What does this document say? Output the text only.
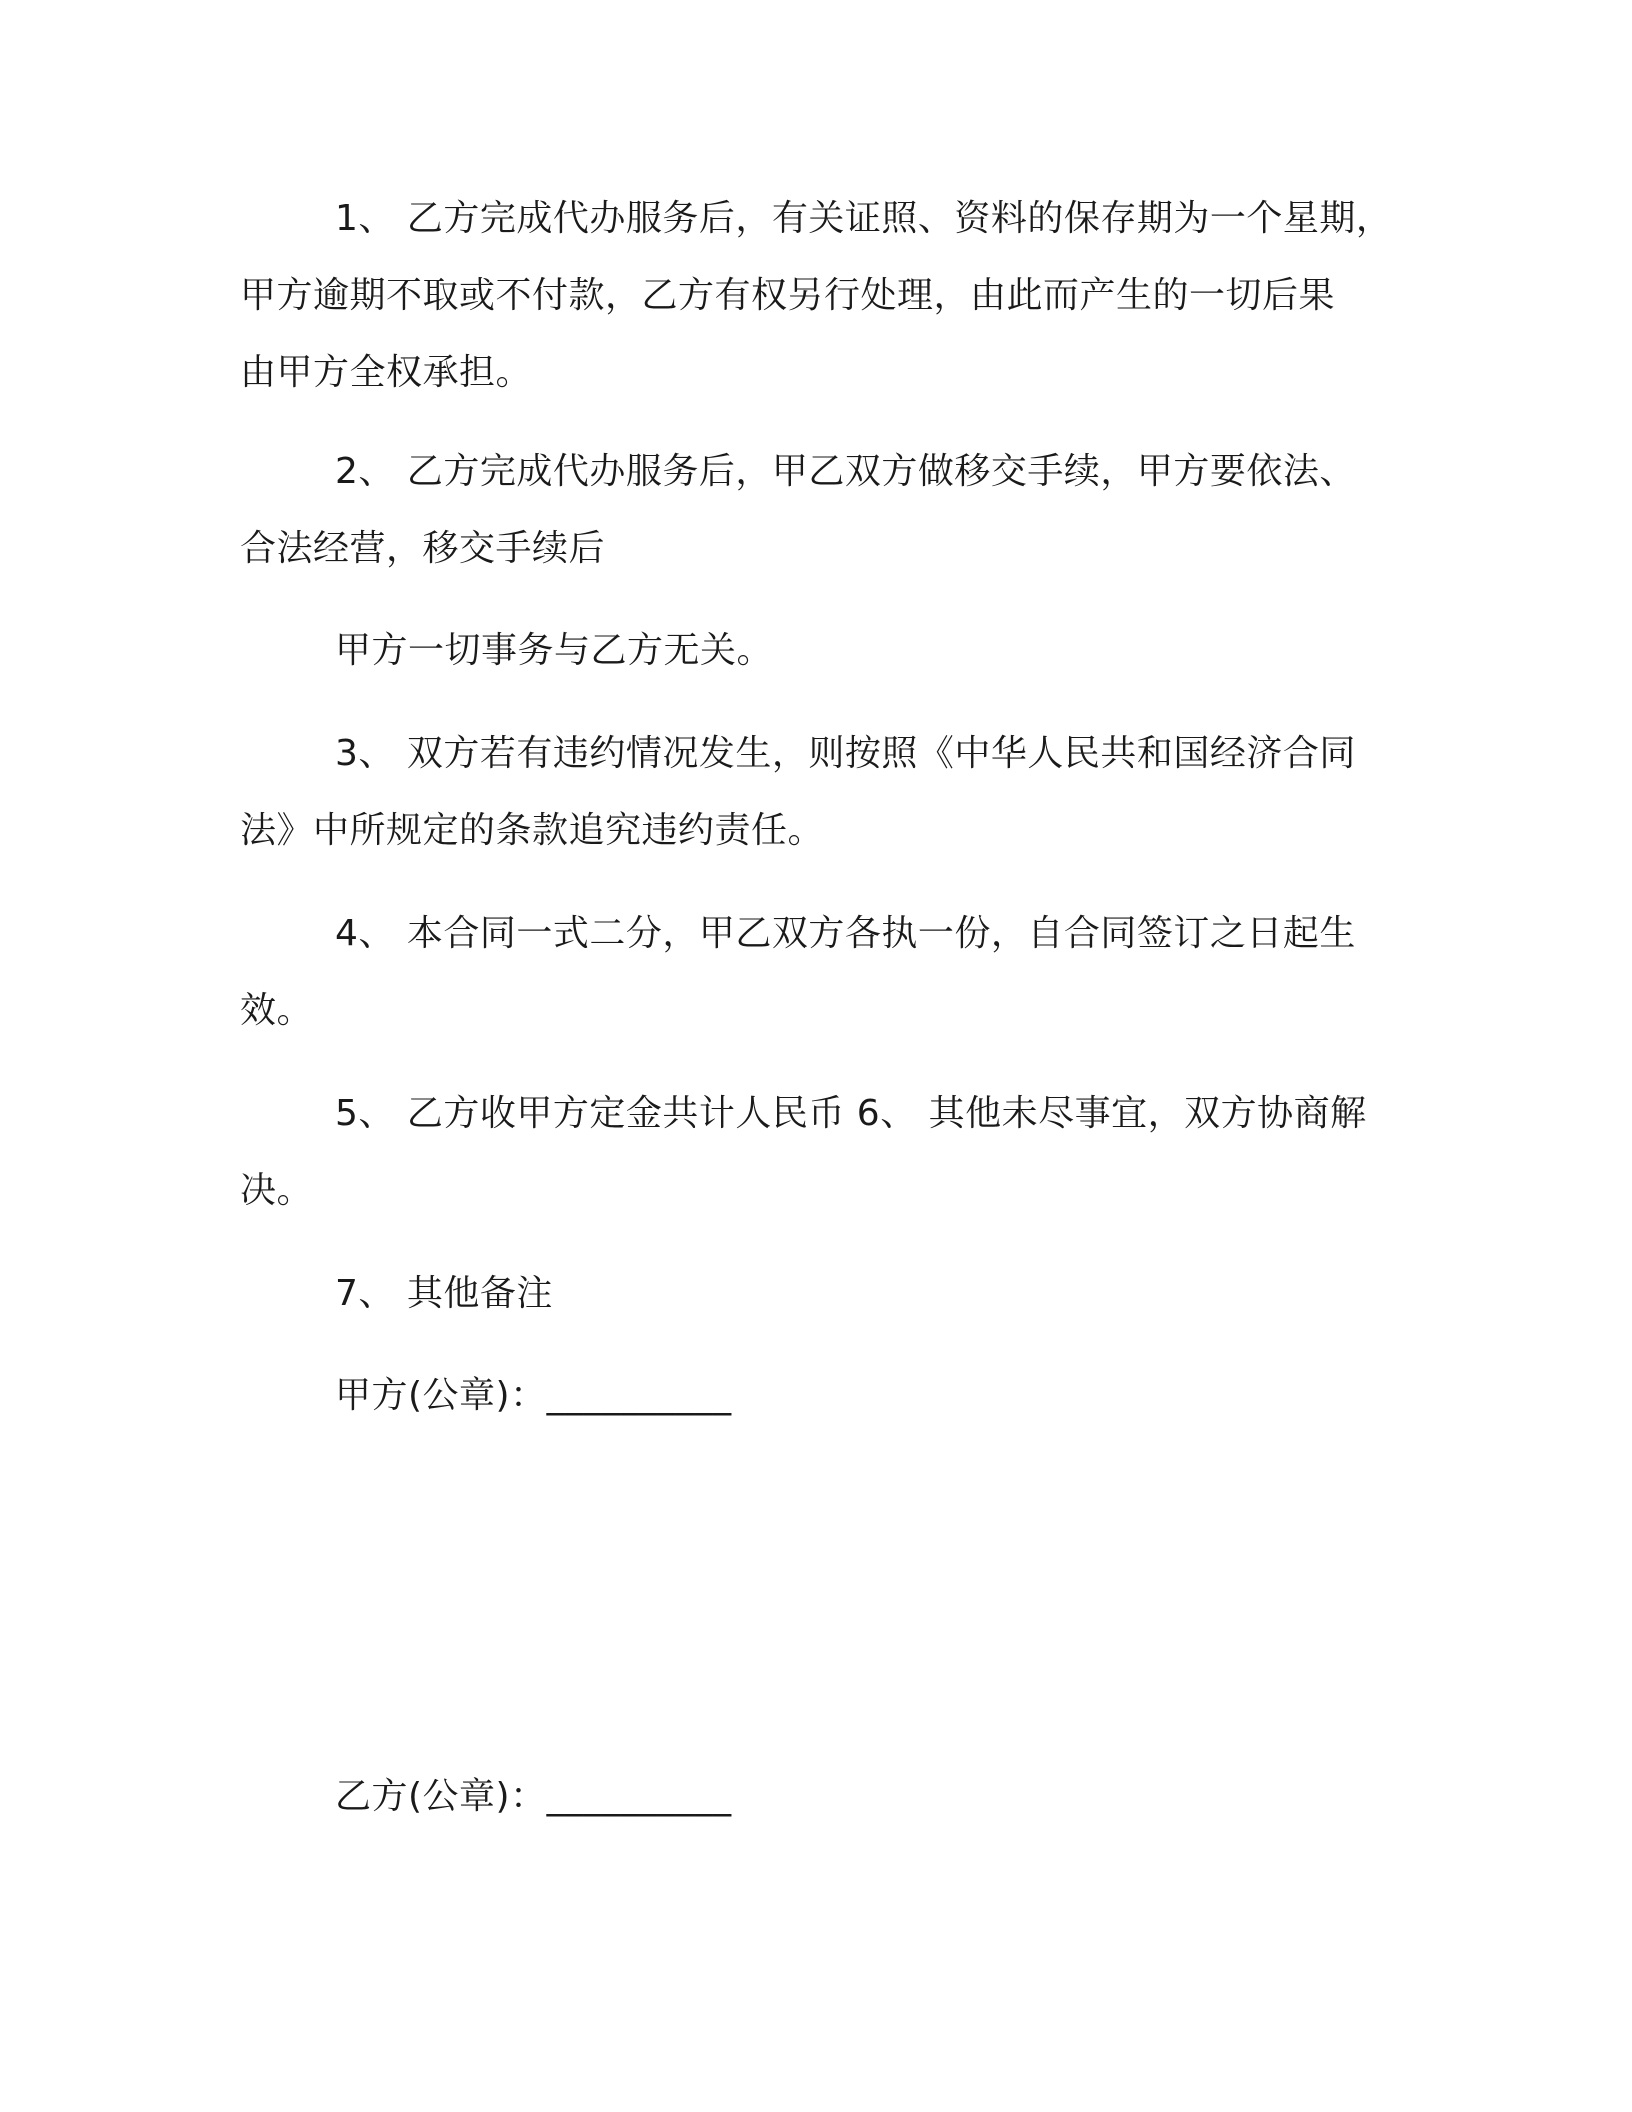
1、 乙方完成代办服务后，有关证照、资料的保存期为一个星期，
甲方逾期不取或不付款，乙方有权另行处理，由此而产生的一切后果
由甲方全权承担。
2、 乙方完成代办服务后，甲乙双方做移交手续，甲方要依法、
合法经营，移交手续后
甲方一切事务与乙方无关。
3、 双方若有违约情况发生，则按照《中华人民共和国经济合同
法》中所规定的条款追究违约责任。
4、 本合同一式二分，甲乙双方各执一份，自合同签订之日起生
效。
5、 乙方收甲方定金共计人民币 6、 其他未尽事宜，双方协商解
决。
7、 其他备注
甲方(公章)：__________
乙方(公章)：__________
